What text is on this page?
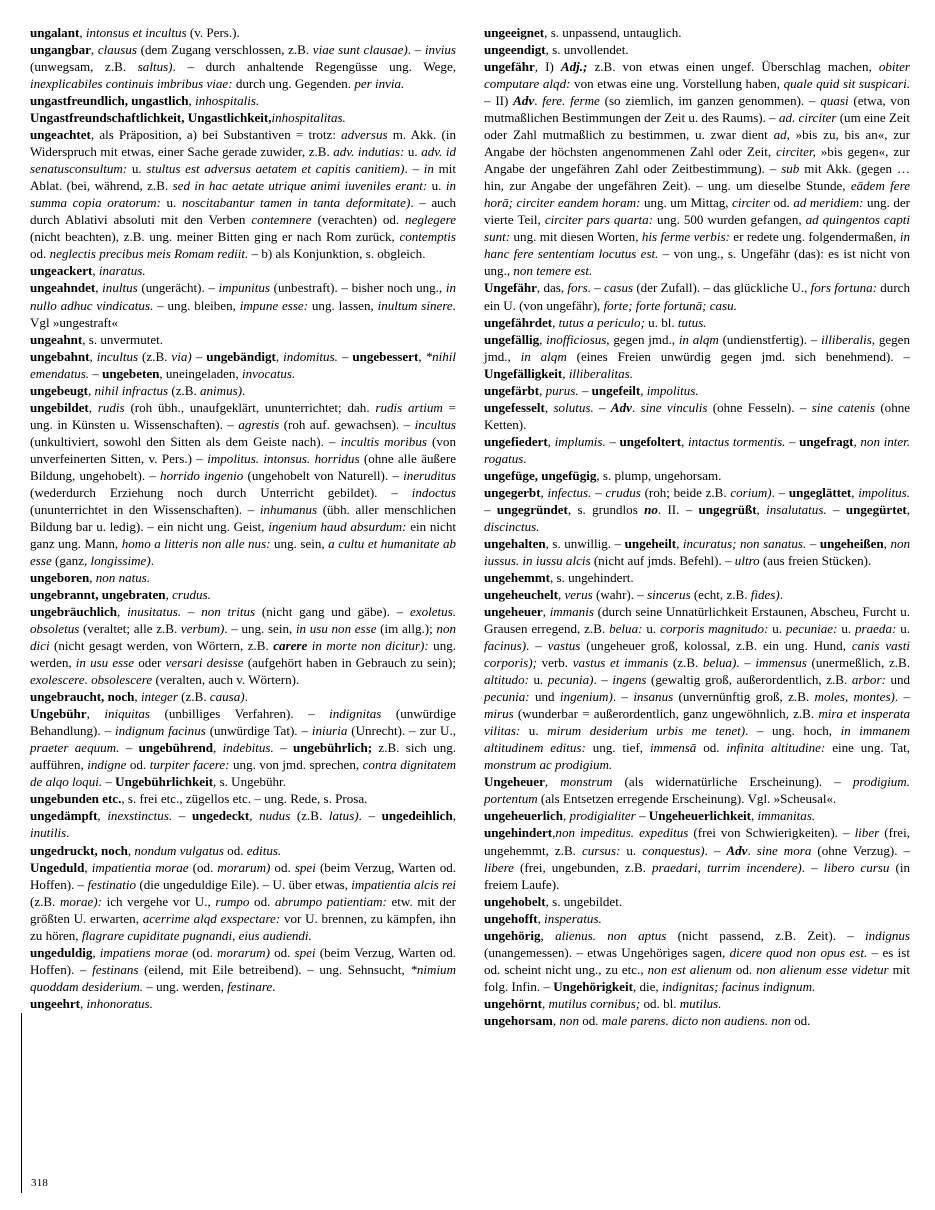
ungalant, intonsus et incultus (v. Pers.).

ungangbar, clausus (dem Zugang verschlossen, z.B. viae sunt clausae). – invius (unwegsam, z.B. saltus). – durch anhaltende Regengüsse ung. Wege, inexplicabiles continuis imbribus viae: durch ung. Gegenden. per invia.

ungastfreundlich, ungastlich, inhospitalis.

Ungastfreundschaftlichkeit, Ungastlichkeit,inhospitalitas.

ungeachtet, als Präposition, a) bei Substantiven = trotz: adversus m. Akk. (in Widerspruch mit etwas, einer Sache gerade zuwider, z.B. adv. indutias: u. adv. id senatusconsultum: u. stultus est adversus aetatem et capitis canitiem). – in mit Ablat. (bei, während, z.B. sed in hac aetate utrique animi iuveniles erant: u. in summa copia oratorum: u. noscitabantur tamen in tanta deformitate). – auch durch Ablativi absoluti mit den Verben contemnere (verachten) od. neglegere (nicht beachten), z.B. ung. meiner Bitten ging er nach Rom zurück, contemptis od. neglectis precibus meis Romam rediit. – b) als Konjunktion, s. obgleich.

ungeackert, inaratus.

ungeahndet, inultus (ungerächt). – impunitus (unbestraft). – bisher noch ung., in nullo adhuc vindicatus. – ung. bleiben, impune esse: ung. lassen, inultum sinere. Vgl »ungestraft«

ungeahnt, s. unvermutet.

ungebahnt, incultus (z.B. via) – ungebändigt, indomitus. – ungebessert, *nihil emendatus. – ungebeten, uneingeladen, invocatus.

ungebeugt, nihil infractus (z.B. animus).

ungebildet, rudis (roh übh., unaufgeklärt, ununterrichtet; dah. rudis artium = ung. in Künsten u. Wissenschaften). – agrestis (roh auf. gewachsen). – incultus (unkultiviert, sowohl den Sitten als dem Geiste nach). – incultis moribus (von unverfeinerten Sitten, v. Pers.) – impolitus. intonsus. horridus (ohne alle äußere Bildung, ungehobelt). – horrido ingenio (ungehobelt von Naturell). – ineruditus (wederdurch Erziehung noch durch Unterricht gebildet). – indoctus (ununterrichtet in den Wissenschaften). – inhumanus (übh. aller menschlichen Bildung bar u. ledig). – ein nicht ung. Geist, ingenium haud absurdum: ein nicht ganz ung. Mann, homo a litteris non alle nus: ung. sein, a cultu et humanitate ab esse (ganz, longissime).

ungeboren, non natus.

ungebrannt, ungebraten, crudus.

ungebräuchlich, inusitatus. – non tritus (nicht gang und gäbe). – exoletus. obsoletus (veraltet; alle z.B. verbum). – ung. sein, in usu non esse (im allg.); non dici (nicht gesagt werden, von Wörtern, z.B. carere in morte non dicitur): ung. werden, in usu esse oder versari desisse (aufgehört haben in Gebrauch zu sein); exolescere. obsolescere (veralten, auch v. Wörtern).

ungebraucht, noch, integer (z.B. causa).

Ungebühr, iniquitas (unbilliges Verfahren). – indignitas (unwürdige Behandlung). – indignum facinus (unwürdige Tat). – iniuria (Unrecht). – zur U., praeter aequum. – ungebührend, indebitus. – ungebührlich; z.B. sich ung. aufführen, indigne od. turpiter facere: ung. von jmd. sprechen, contra dignitatem de alqo loqui. – Ungebührlichkeit, s. Ungebühr.

ungebunden etc., s. frei etc., zügellos etc. – ung. Rede, s. Prosa.

ungedämpft, inexstinctus. – ungedeckt, nudus (z.B. latus). – ungedeihlich, inutilis.

ungedruckt, noch, nondum vulgatus od. editus.

Ungeduld, impatientia morae (od. morarum) od. spei (beim Verzug, Warten od. Hoffen). – festinatio (die ungeduldige Eile). – U. über etwas, impatientia alcis rei (z.B. morae): ich vergehe vor U., rumpo od. abrumpo patientiam: etw. mit der größten U. erwarten, acerrime alqd exspectare: vor U. brennen, zu kämpfen, ihn zu hören, flagrare cupiditate pugnandi, eius audiendi.

ungeduldig, impatiens morae (od. morarum) od. spei (beim Verzug, Warten od. Hoffen). – festinans (eilend, mit Eile betreibend). – ung. Sehnsucht, *nimium quoddam desiderium. – ung. werden, festinare.

ungeehrt, inhonoratus.

ungeeignet, s. unpassend, untauglich.

ungeendigt, s. unvollendet.

ungefähr, I) Adj.; z.B. von etwas einen ungef. Überschlag machen, obiter computare alqd: von etwas eine ung. Vorstellung haben, quale quid sit suspicari. – II) Adv. fere. ferme (so ziemlich, im ganzen genommen). – quasi (etwa, von mutmaßlichen Bestimmungen der Zeit u. des Raums). – ad. circiter (um eine Zeit oder Zahl mutmaßlich zu bestimmen, u. zwar dient ad, »bis zu, bis an«, zur Angabe der höchsten angenommenen Zahl oder Zeit, circiter, »bis gegen«, zur Angabe der ungefähren Zahl oder Zeitbestimmung). – sub mit Akk. (gegen … hin, zur Angabe der ungefähren Zeit). – ung. um dieselbe Stunde, eādem fere horā; circiter eandem horam: ung. um Mittag, circiter od. ad meridiem: ung. der vierte Teil, circiter pars quarta: ung. 500 wurden gefangen, ad quingentos capti sunt: ung. mit diesen Worten, his ferme verbis: er redete ung. folgendermaßen, in hanc fere sententiam locutus est. – von ung., s. Ungefähr (das): es ist nicht von ung., non temere est.

Ungefähr, das, fors. – casus (der Zufall). – das glückliche U., fors fortuna: durch ein U. (von ungefähr), forte; forte fortunā; casu.

ungefährdet, tutus a periculo; u. bl. tutus.

ungefällig, inofficiosus, gegen jmd., in alqm (undienstfertig). – illiberalis, gegen jmd., in alqm (eines Freien unwürdig gegen jmd. sich benehmend). – Ungefälligkeit, illiberalitas.

ungefärbt, purus. – ungefeilt, impolitus.

ungefesselt, solutus. – Adv. sine vinculis (ohne Fesseln). – sine catenis (ohne Ketten).

ungefiedert, implumis. – ungefoltert, intactus tormentis. – ungefragt, non inter. rogatus.

ungefüge, ungefügig, s. plump, ungehorsam.

ungegerbt, infectus. – crudus (roh; beide z.B. corium). – ungeglättet, impolitus. – ungegründet, s. grundlos no. II. – ungegrüßt, insalutatus. – ungegürtet, discinctus.

ungehalten, s. unwillig. – ungeheilt, incuratus; non sanatus. – ungeheißen, non iussus. in iussu alcis (nicht auf jmds. Befehl). – ultro (aus freien Stücken).

ungehemmt, s. ungehindert.

ungeheuchelt, verus (wahr). – sincerus (echt, z.B. fides).

ungeheuer, immanis (durch seine Unnatürlichkeit Erstaunen, Abscheu, Furcht u. Grausen erregend, z.B. belua: u. corporis magnitudo: u. pecuniae: u. praeda: u. facinus). – vastus (ungeheuer groß, kolossal, z.B. ein ung. Hund, canis vasti corporis); verb. vastus et immanis (z.B. belua). – immensus (unermeßlich, z.B. altitudo: u. pecunia). – ingens (gewaltig groß, außerordentlich, z.B. arbor: und pecunia: und ingenium). – insanus (unvernünftig groß, z.B. moles, montes). – mirus (wunderbar = außerordentlich, ganz ungewöhnlich, z.B. mira et insperata vilitas: u. mirum desiderium urbis me tenet). – ung. hoch, in immanem altitudinem editus: ung. tief, immensā od. infinita altitudine: eine ung. Tat, monstrum ac prodigium.

Ungeheuer, monstrum (als widernatürliche Erscheinung). – prodigium. portentum (als Entsetzen erregende Erscheinung). Vgl. »Scheusal«.

ungeheuerlich, prodigialiter – Ungeheuerlichkeit, immanitas.

ungehindert,non impeditus. expeditus (frei von Schwierigkeiten). – liber (frei, ungehemmt, z.B. cursus: u. conquestus). – Adv. sine mora (ohne Verzug). – libere (frei, ungebunden, z.B. praedari, turrim incendere). – libero cursu (in freiem Laufe).

ungehobelt, s. ungebildet.

ungehofft, insperatus.

ungehörig, alienus. non aptus (nicht passend, z.B. Zeit). – indignus (unangemessen). – etwas Ungehöriges sagen, dicere quod non opus est. – es ist od. scheint nicht ung., zu etc., non est alienum od. non alienum esse videtur mit folg. Infin. – Ungehörigkeit, die, indignitas; facinus indignum.

ungehörnt, mutilus cornibus; od. bl. mutilus.

ungehorsam, non od. male parens. dicto non audiens. non od.

318
